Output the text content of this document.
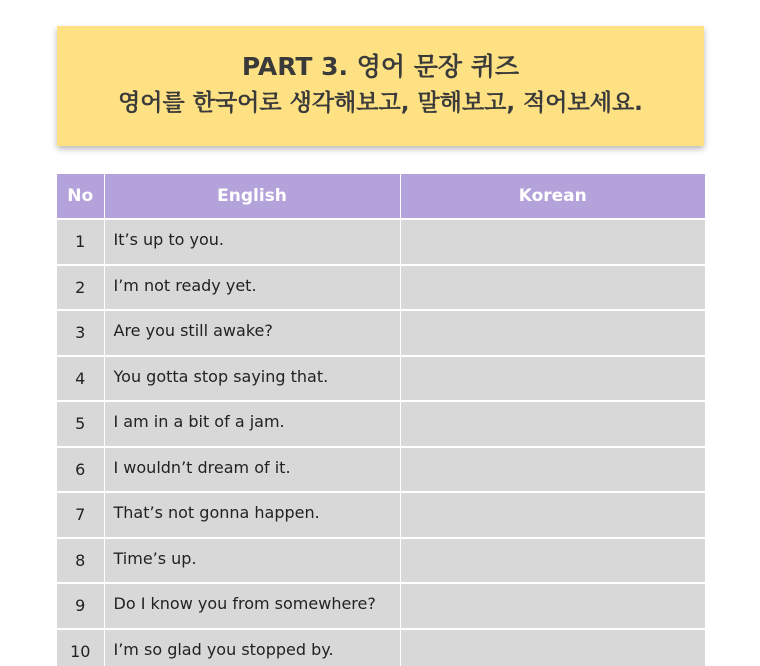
PART 3. 영어 문장 퀴즈
영어를 한국어로 생각해보고, 말해보고, 적어보세요.
No	English	Korean
1	It’s up to you.	
2	I’m not ready yet.	
3	Are you still awake?	
4	You gotta stop saying that.	
5	I am in a bit of a jam.	
6	I wouldn’t dream of it.	
7	That’s not gonna happen.	
8	Time’s up.	
9	Do I know you from somewhere?	
10	I’m so glad you stopped by.	
